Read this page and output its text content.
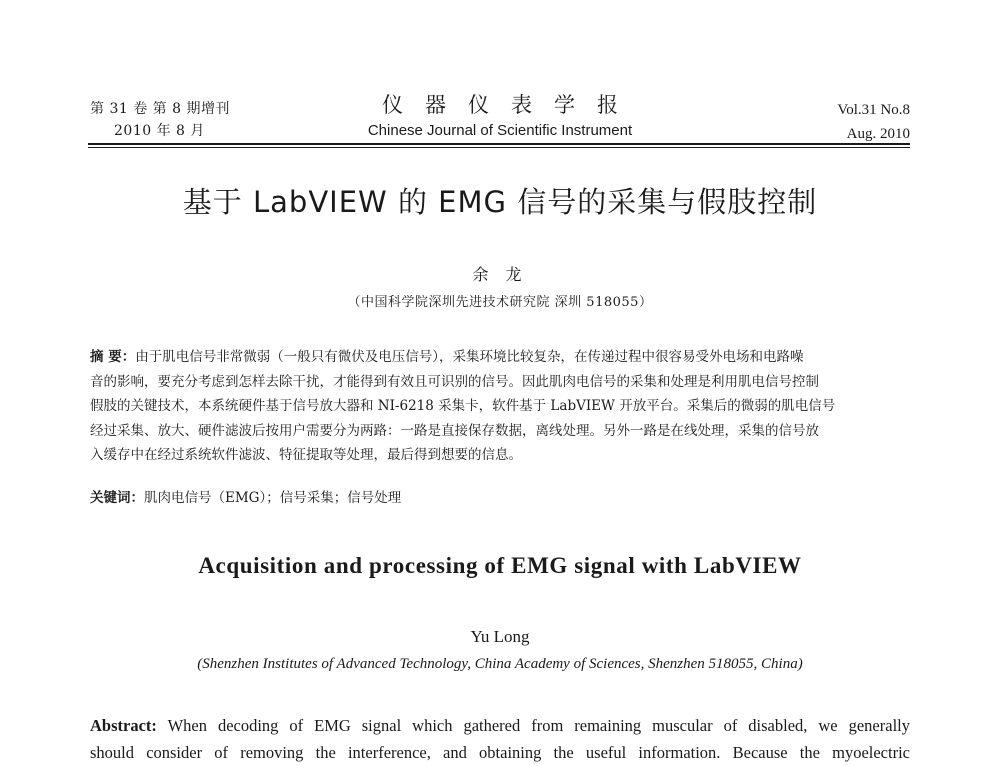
第 31 卷 第 8 期增刊
2010 年 8 月
仪器仪表学报
Chinese Journal of Scientific Instrument
Vol.31 No.8
Aug. 2010
基于 LabVIEW 的 EMG 信号的采集与假肢控制
余 龙
（中国科学院深圳先进技术研究院 深圳 518055）
摘 要：由于肌电信号非常微弱（一般只有微伏及电压信号），采集环境比较复杂，在传递过程中很容易受外电场和电路噪
音的影响，要充分考虑到怎样去除干扰，才能得到有效且可识别的信号。因此肌肉电信号的采集和处理是利用肌电信号控制
假肢的关键技术，本系统硬件基于信号放大器和 NI-6218 采集卡，软件基于 LabVIEW 开放平台。采集后的微弱的肌电信号
经过采集、放大、硬件滤波后按用户需要分为两路：一路是直接保存数据，离线处理。另外一路是在线处理，采集的信号放
入缓存中在经过系统软件滤波、特征提取等处理，最后得到想要的信息。
关键词：肌肉电信号（EMG）；信号采集；信号处理
Acquisition and processing of EMG signal with LabVIEW
Yu Long
(Shenzhen Institutes of Advanced Technology, China Academy of Sciences, Shenzhen 518055, China)
Abstract: When decoding of EMG signal which gathered from remaining muscular of disabled, we generally
should consider of removing the interference, and obtaining the useful information. Because the myoelectric
